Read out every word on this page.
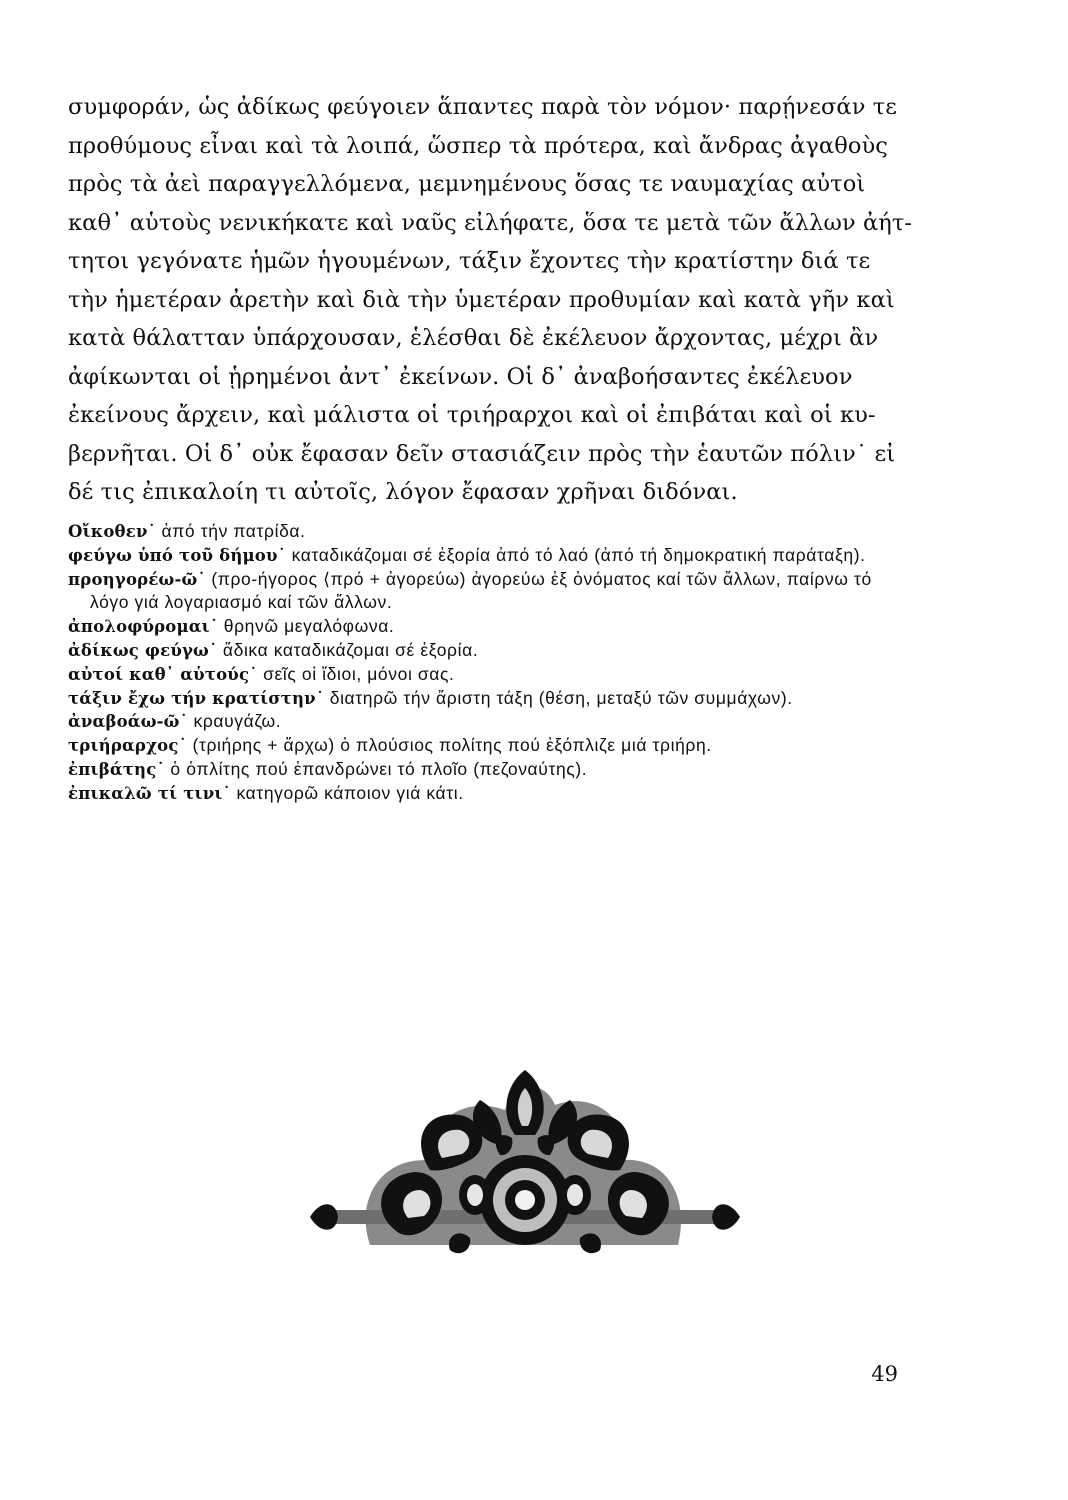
συμφοράν, ὡς ἀδίκως φεύγοιεν ἅπαντες παρὰ τὸν νόμον· παρῄνεσάν τε
προθύμους εἶναι καὶ τὰ λοιπά, ὥσπερ τὰ πρότερα, καὶ ἄνδρας ἀγαθοὺς
πρὸς τὰ ἀεὶ παραγγελλόμενα, μεμνημένους ὅσας τε ναυμαχίας αὐτοὶ
καθ᾽ αὑτοὺς νενικήκατε καὶ ναῦς εἰλήφατε, ὅσα τε μετὰ τῶν ἄλλων ἀήτ-
τητοι γεγόνατε ἡμῶν ἡγουμένων, τάξιν ἔχοντες τὴν κρατίστην διά τε
τὴν ἡμετέραν ἀρετὴν καὶ διὰ τὴν ὑμετέραν προθυμίαν καὶ κατὰ γῆν καὶ
κατὰ θάλατταν ὑπάρχουσαν, ἑλέσθαι δὲ ἐκέλευον ἄρχοντας, μέχρι ἂν
ἀφίκωνται οἱ ᾑρημένοι ἀντ᾽ ἐκείνων. Οἱ δ᾽ ἀναβοήσαντες ἐκέλευον
ἐκείνους ἄρχειν, καὶ μάλιστα οἱ τριήραρχοι καὶ οἱ ἐπιβάται καὶ οἱ κυ-
βερνῆται. Οἱ δ᾽ οὐκ ἔφασαν δεῖν στασιάζειν πρὸς τὴν ἑαυτῶν πόλιν˙ εἰ
δέ τις ἐπικαλοίη τι αὐτοῖς, λόγον ἔφασαν χρῆναι διδόναι.

Οἴκοθεν˙ ἀπό τήν πατρίδα.
φεύγω ὑπό τοῦ δήμου˙ καταδικάζομαι σέ ἐξορία ἀπό τό λαό (ἀπό τή δημοκρατική παράταξη).
προηγορέω-ῶ˙ (προ-ήγορος ⟨πρό + ἀγορεύω) ἀγορεύω ἐξ ὀνόματος καί τῶν ἄλλων, παίρνω τό λόγο γιά λογαριασμό καί τῶν ἄλλων.
ἀπολοφύρομαι˙ θρηνῶ μεγαλόφωνα.
ἀδίκως φεύγω˙ ἄδικα καταδικάζομαι σέ ἐξορία.
αὐτοί καθ᾽ αὑτούς˙ σεῖς οἱ ἴδιοι, μόνοι σας.
τάξιν ἔχω τήν κρατίστην˙ διατηρῶ τήν ἄριστη τάξη (θέση, μεταξύ τῶν συμμάχων).
ἀναβοάω-ῶ˙ κραυγάζω.
τριήραρχος˙ (τριήρης + ἄρχω) ὁ πλούσιος πολίτης πού ἐξόπλιζε μιά τριήρη.
ἐπιβάτης˙ ὁ ὁπλίτης πού ἐπανδρώνει τό πλοῖο (πεζοναύτης).
ἐπικαλῶ τί τινι˙ κατηγορῶ κάποιον γιά κάτι.

49
